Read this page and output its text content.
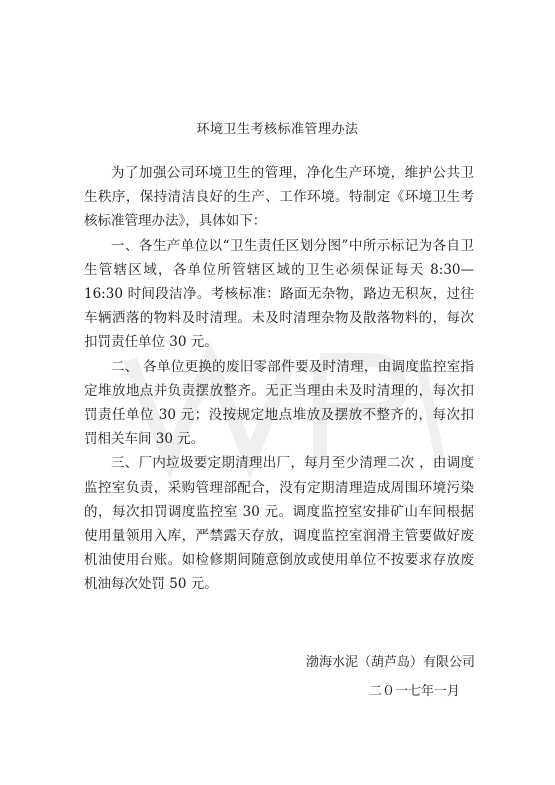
环境卫生考核标准管理办法

为了加强公司环境卫生的管理，净化生产环境，维护公共卫生秩序，保持清洁良好的生产、工作环境。特制定《环境卫生考核标准管理办法》，具体如下：

一、各生产单位以“卫生责任区划分图”中所示标记为各自卫生管辖区域，各单位所管辖区域的卫生必须保证每天 8:30—16:30 时间段洁净。考核标准：路面无杂物，路边无积灰，过往车辆洒落的物料及时清理。未及时清理杂物及散落物料的，每次扣罚责任单位 30 元。

二、 各单位更换的废旧零部件要及时清理，由调度监控室指定堆放地点并负责摆放整齐。无正当理由未及时清理的，每次扣罚责任单位 30 元；没按规定地点堆放及摆放不整齐的，每次扣罚相关车间 30 元。

三、厂内垃圾要定期清理出厂，每月至少清理二次 ，由调度监控室负责，采购管理部配合，没有定期清理造成周围环境污染的，每次扣罚调度监控室 30 元。调度监控室安排矿山车间根据使用量领用入库，严禁露天存放，调度监控室润滑主管要做好废机油使用台账。如检修期间随意倒放或使用单位不按要求存放废机油每次处罚 50 元。

渤海水泥（葫芦岛）有限公司
二０一七年一月
